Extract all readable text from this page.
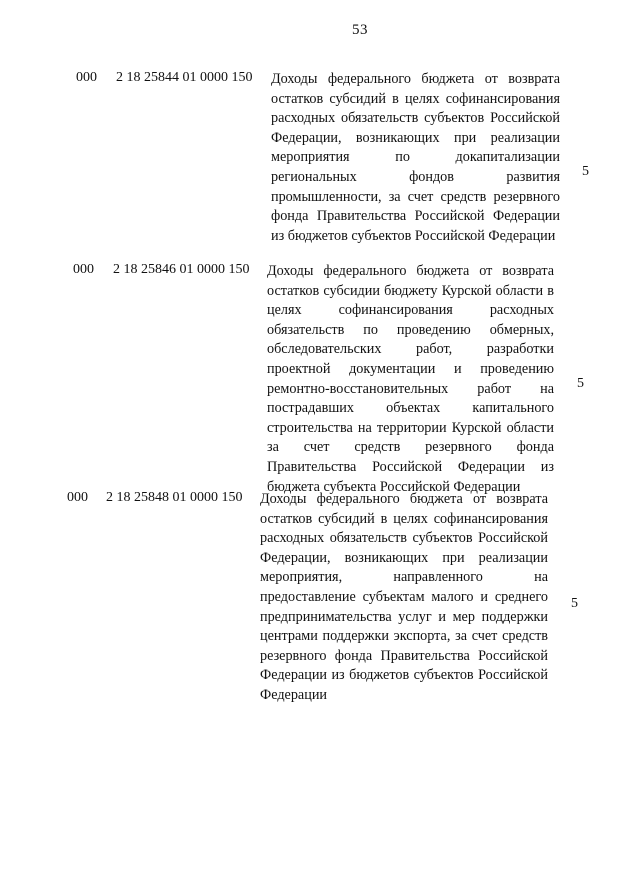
53
000 2 18 25844 01 0000 150 Доходы федерального бюджета от возврата остатков субсидий в целях софинансирования расходных обязательств субъектов Российской Федерации, возникающих при реализации мероприятия по докапитализации региональных фондов развития промышленности, за счет средств резервного фонда Правительства Российской Федерации из бюджетов субъектов Российской Федерации
5
000 2 18 25846 01 0000 150 Доходы федерального бюджета от возврата остатков субсидии бюджету Курской области в целях софинансирования расходных обязательств по проведению обмерных, обследовательских работ, разработки проектной документации и проведению ремонтно-восстановительных работ на пострадавших объектах капитального строительства на территории Курской области за счет средств резервного фонда Правительства Российской Федерации из бюджета субъекта Российской Федерации
5
000 2 18 25848 01 0000 150 Доходы федерального бюджета от возврата остатков субсидий в целях софинансирования расходных обязательств субъектов Российской Федерации, возникающих при реализации мероприятия, направленного на предоставление субъектам малого и среднего предпринимательства услуг и мер поддержки центрами поддержки экспорта, за счет средств резервного фонда Правительства Российской Федерации из бюджетов субъектов Российской Федерации
5
